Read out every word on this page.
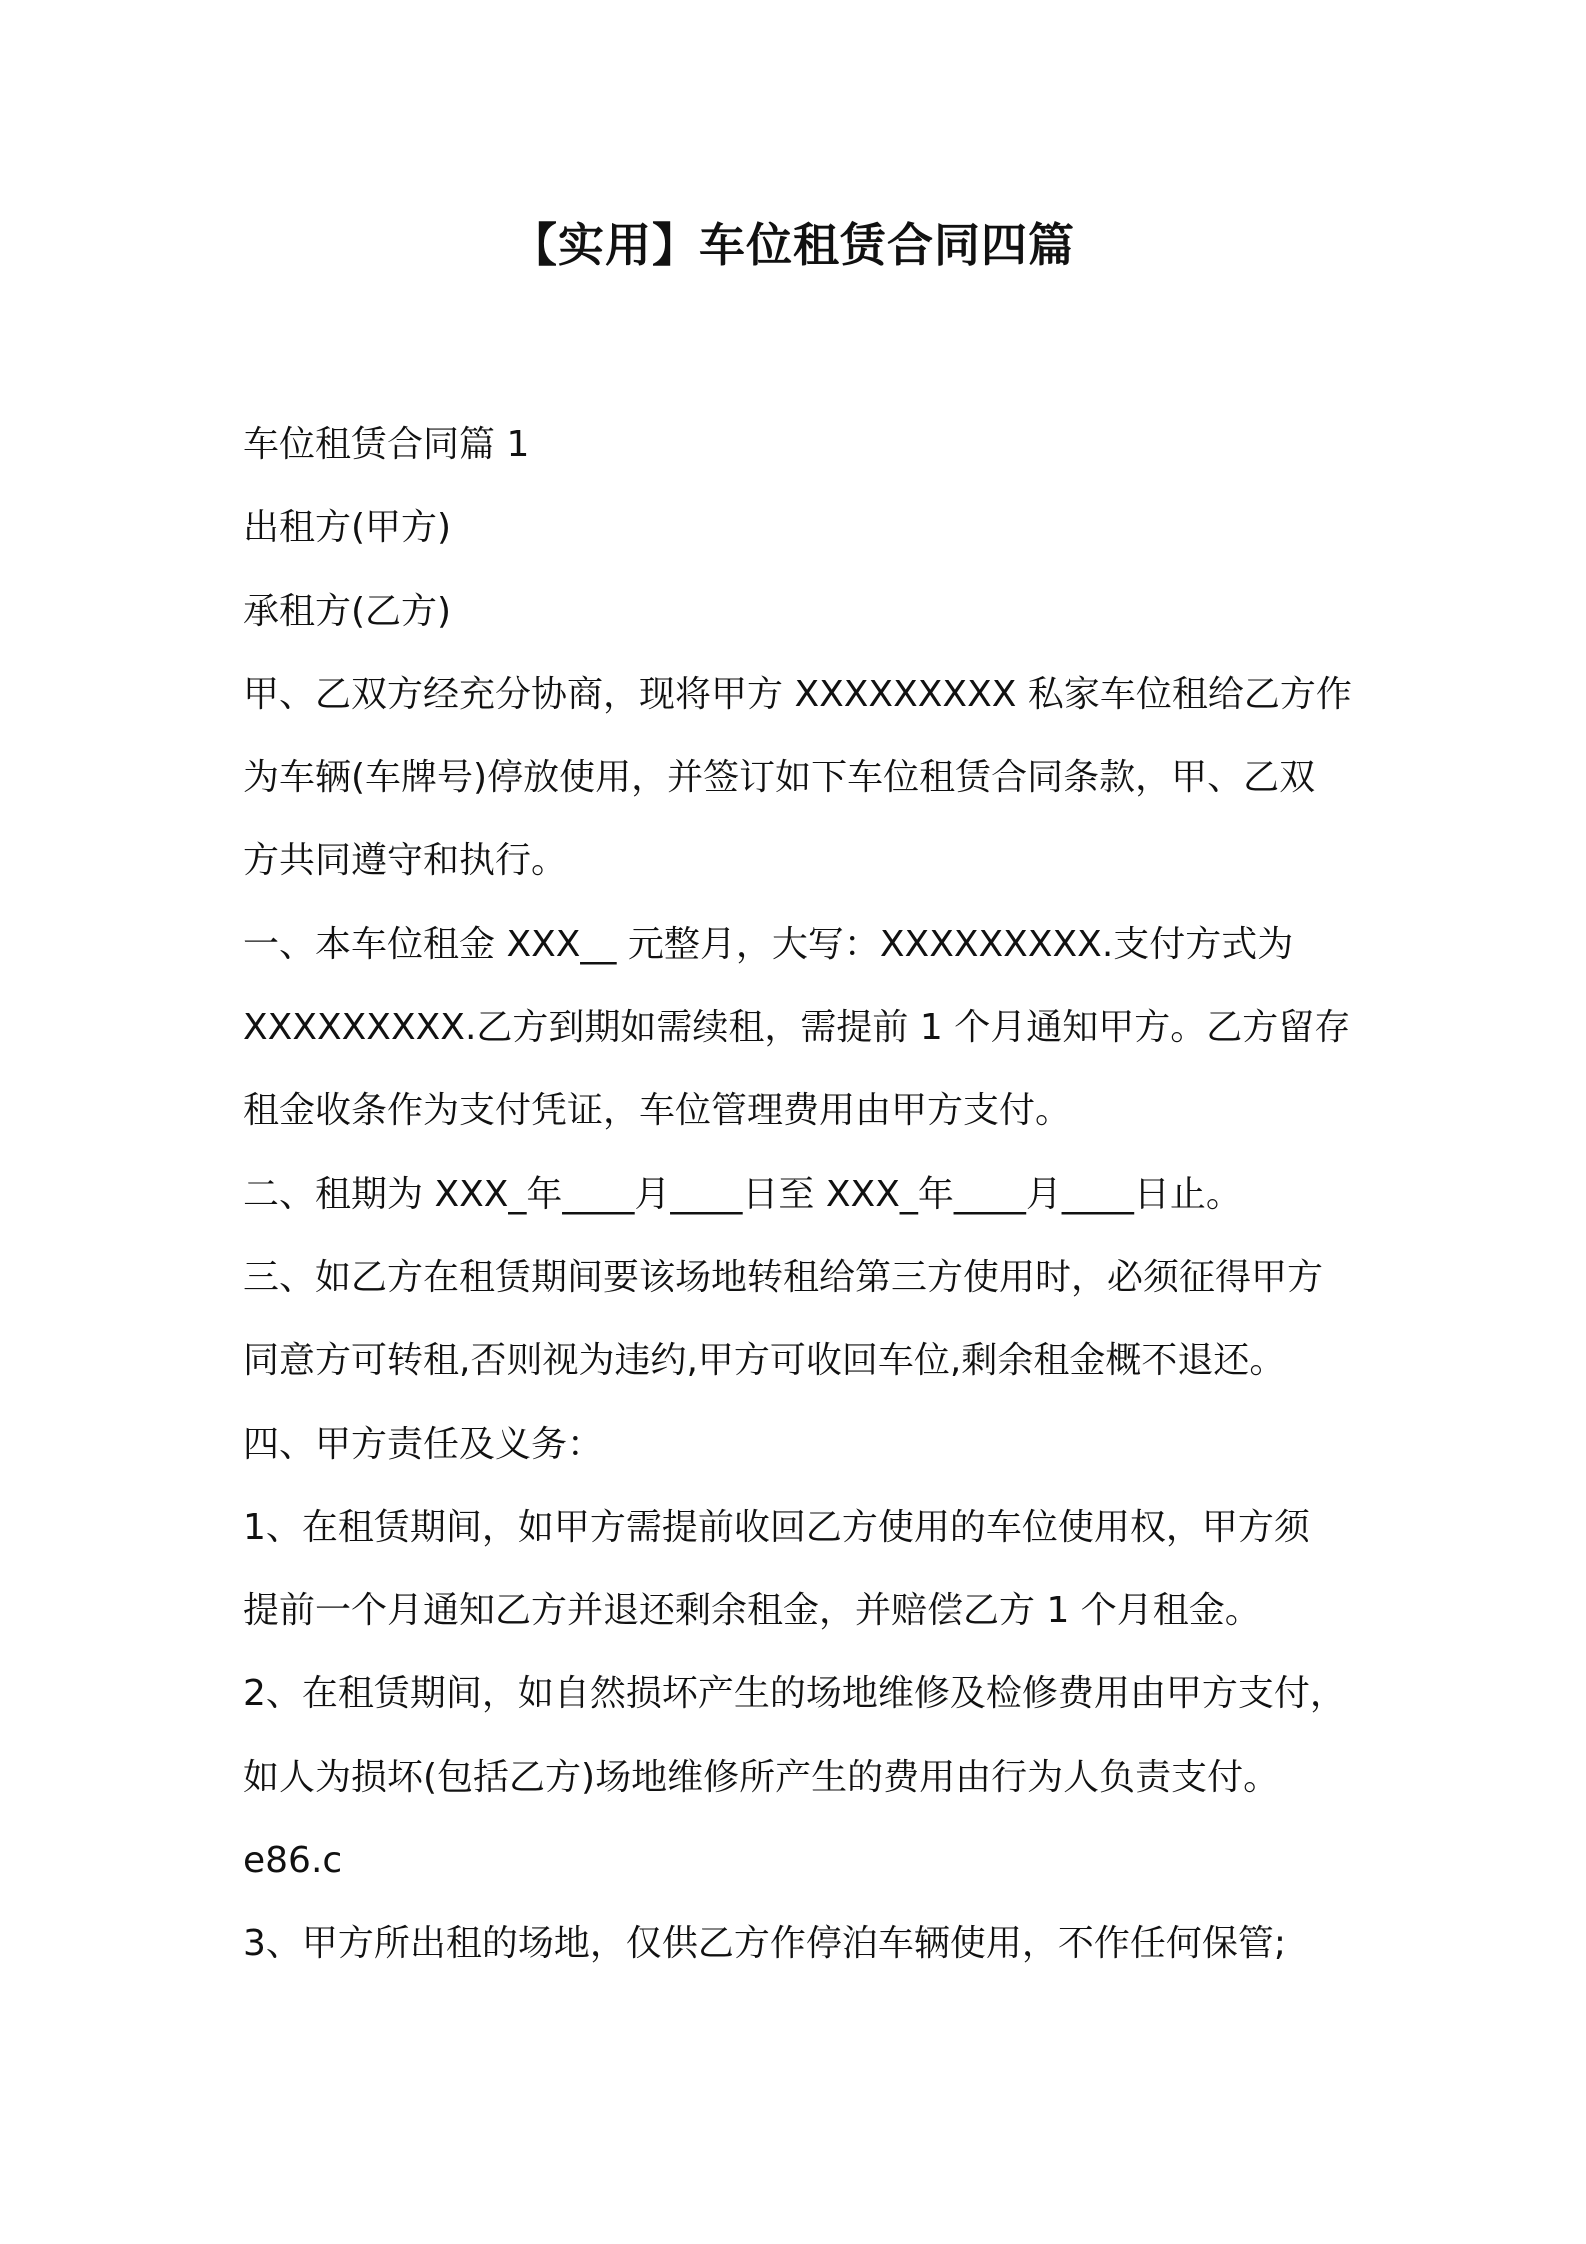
【实用】车位租赁合同四篇

车位租赁合同篇 1

出租方(甲方)

承租方(乙方)

甲、乙双方经充分协商，现将甲方 XXXXXXXXX 私家车位租给乙方作

为车辆(车牌号)停放使用，并签订如下车位租赁合同条款，甲、乙双

方共同遵守和执行。

一、本车位租金 XXX__ 元整月，大写：XXXXXXXXX.支付方式为

XXXXXXXXX.乙方到期如需续租，需提前 1 个月通知甲方。乙方留存

租金收条作为支付凭证，车位管理费用由甲方支付。

二、租期为 XXX_年____月____日至 XXX_年____月____日止。

三、如乙方在租赁期间要该场地转租给第三方使用时，必须征得甲方

同意方可转租,否则视为违约,甲方可收回车位,剩余租金概不退还。

四、甲方责任及义务：

1、在租赁期间，如甲方需提前收回乙方使用的车位使用权，甲方须

提前一个月通知乙方并退还剩余租金，并赔偿乙方 1 个月租金。

2、在租赁期间，如自然损坏产生的场地维修及检修费用由甲方支付，

如人为损坏(包括乙方)场地维修所产生的费用由行为人负责支付。

e86.c

3、甲方所出租的场地，仅供乙方作停泊车辆使用，不作任何保管;
